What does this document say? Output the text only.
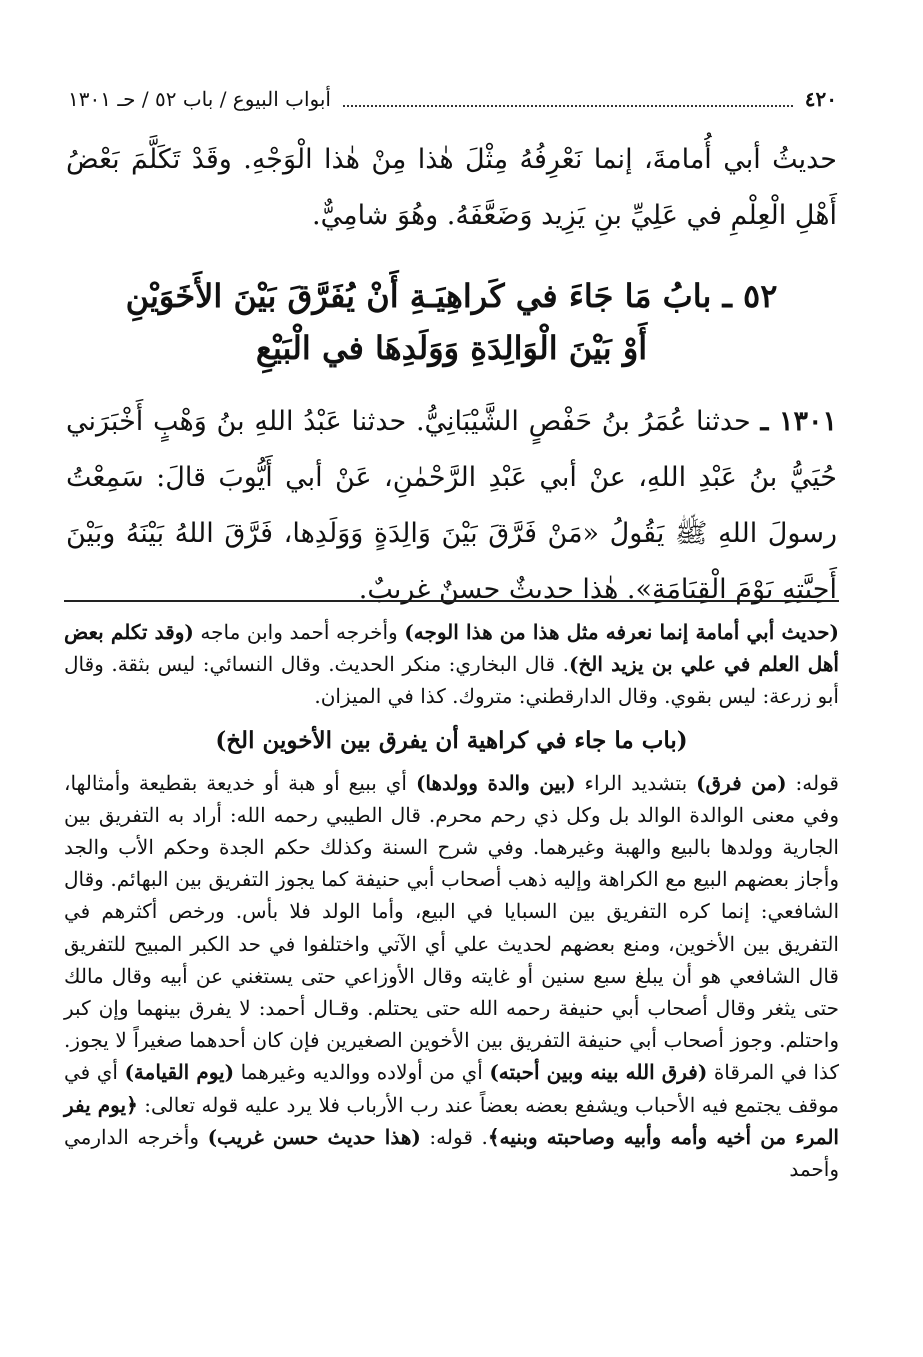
٤٢٠
أبواب البيوع / باب ٥٢ / حـ ١٣٠١

حديثُ أبي أُمامةَ، إنما نَعْرِفُهُ مِثْلَ هٰذا مِنْ هٰذا الْوَجْهِ. وقَدْ تَكَلَّمَ بَعْضُ أَهْلِ الْعِلْمِ في عَلِيِّ بنِ يَزِيد وَضَعَّفَهُ. وهُوَ شامِيٌّ.

٥٢ ـ بابُ مَا جَاءَ في كَراهِيَـةِ أَنْ يُفَرَّقَ بَيْنَ الأَخَوَيْنِ
أَوْ بَيْنَ الْوَالِدَةِ وَوَلَدِهَا في الْبَيْعِ

١٣٠١ ـ حدثنا عُمَرُ بنُ حَفْصٍ الشَّيْبَانِيُّ. حدثنا عَبْدُ اللهِ بنُ وَهْبٍ أَخْبَرَني حُيَيُّ بنُ عَبْدِ اللهِ، عنْ أبي عَبْدِ الرَّحْمٰنِ، عَنْ أبي أَيُّوبَ قالَ: سَمِعْتُ رسولَ اللهِ ﷺ يَقُولُ «مَنْ فَرَّقَ بَيْنَ وَالِدَةٍ وَوَلَدِها، فَرَّقَ اللهُ بَيْنَهُ وبَيْنَ أَحِبَّتِهِ يَوْمَ الْقِيَامَةِ». هٰذا حديثٌ حسنٌ غريبٌ.

(حديث أبي أمامة إنما نعرفه مثل هذا من هذا الوجه) وأخرجه أحمد وابن ماجه (وقد تكلم بعض أهل العلم في علي بن يزيد الخ). قال البخاري: منكر الحديث. وقال النسائي: ليس بثقة. وقال أبو زرعة: ليس بقوي. وقال الدارقطني: متروك. كذا في الميزان.

(باب ما جاء في كراهية أن يفرق بين الأخوين الخ)

قوله: (من فرق) بتشديد الراء (بين والدة وولدها) أي ببيع أو هبة أو خديعة بقطيعة وأمثالها، وفي معنى الوالدة الوالد بل وكل ذي رحم محرم. قال الطيبي رحمه الله: أراد به التفريق بين الجارية وولدها بالبيع والهبة وغيرهما. وفي شرح السنة وكذلك حكم الجدة وحكم الأب والجد وأجاز بعضهم البيع مع الكراهة وإليه ذهب أصحاب أبي حنيفة كما يجوز التفريق بين البهائم. وقال الشافعي: إنما كره التفريق بين السبايا في البيع، وأما الولد فلا بأس. ورخص أكثرهم في التفريق بين الأخوين، ومنع بعضهم لحديث علي أي الآتي واختلفوا في حد الكبر المبيح للتفريق قال الشافعي هو أن يبلغ سبع سنين أو غايته وقال الأوزاعي حتى يستغني عن أبيه وقال مالك حتى يثغر وقال أصحاب أبي حنيفة رحمه الله حتى يحتلم. وقـال أحمد: لا يفرق بينهما وإن كبر واحتلم. وجوز أصحاب أبي حنيفة التفريق بين الأخوين الصغيرين فإن كان أحدهما صغيراً لا يجوز. كذا في المرقاة (فرق الله بينه وبين أحبته) أي من أولاده ووالديه وغيرهما (يوم القيامة) أي في موقف يجتمع فيه الأحباب ويشفع بعضه بعضاً عند رب الأرباب فلا يرد عليه قوله تعالى: ﴿يوم يفر المرء من أخيه وأمه وأبيه وصاحبته وبنيه﴾. قوله: (هذا حديث حسن غريب) وأخرجه الدارمي وأحمد
